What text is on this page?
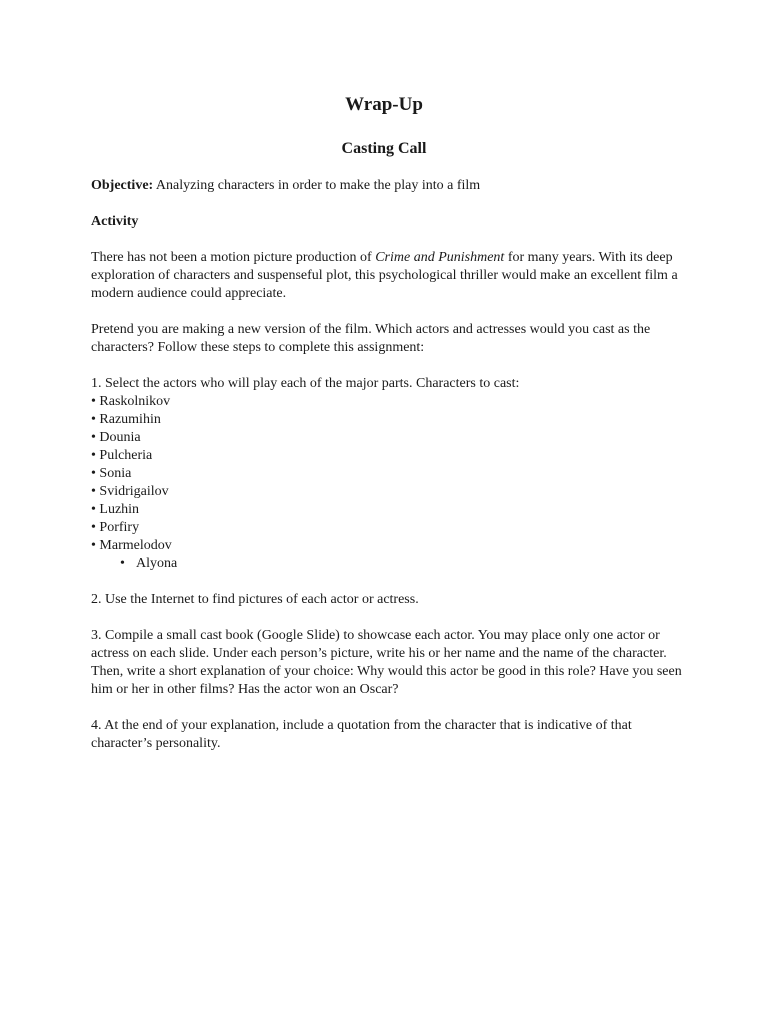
Wrap-Up
Casting Call

Objective: Analyzing characters in order to make the play into a film

Activity

There has not been a motion picture production of Crime and Punishment for many years. With its deep exploration of characters and suspenseful plot, this psychological thriller would make an excellent film a modern audience could appreciate.

Pretend you are making a new version of the film. Which actors and actresses would you cast as the characters? Follow these steps to complete this assignment:

1. Select the actors who will play each of the major parts. Characters to cast:

• Raskolnikov
• Razumihin
• Dounia
• Pulcheria
• Sonia
• Svidrigailov
• Luzhin
• Porfiry
• Marmelodov
• Alyona

2. Use the Internet to find pictures of each actor or actress.

3. Compile a small cast book (Google Slide) to showcase each actor. You may place only one actor or actress on each slide. Under each person’s picture, write his or her name and the name of the character. Then, write a short explanation of your choice: Why would this actor be good in this role? Have you seen him or her in other films? Has the actor won an Oscar?

4. At the end of your explanation, include a quotation from the character that is indicative of that character’s personality.
